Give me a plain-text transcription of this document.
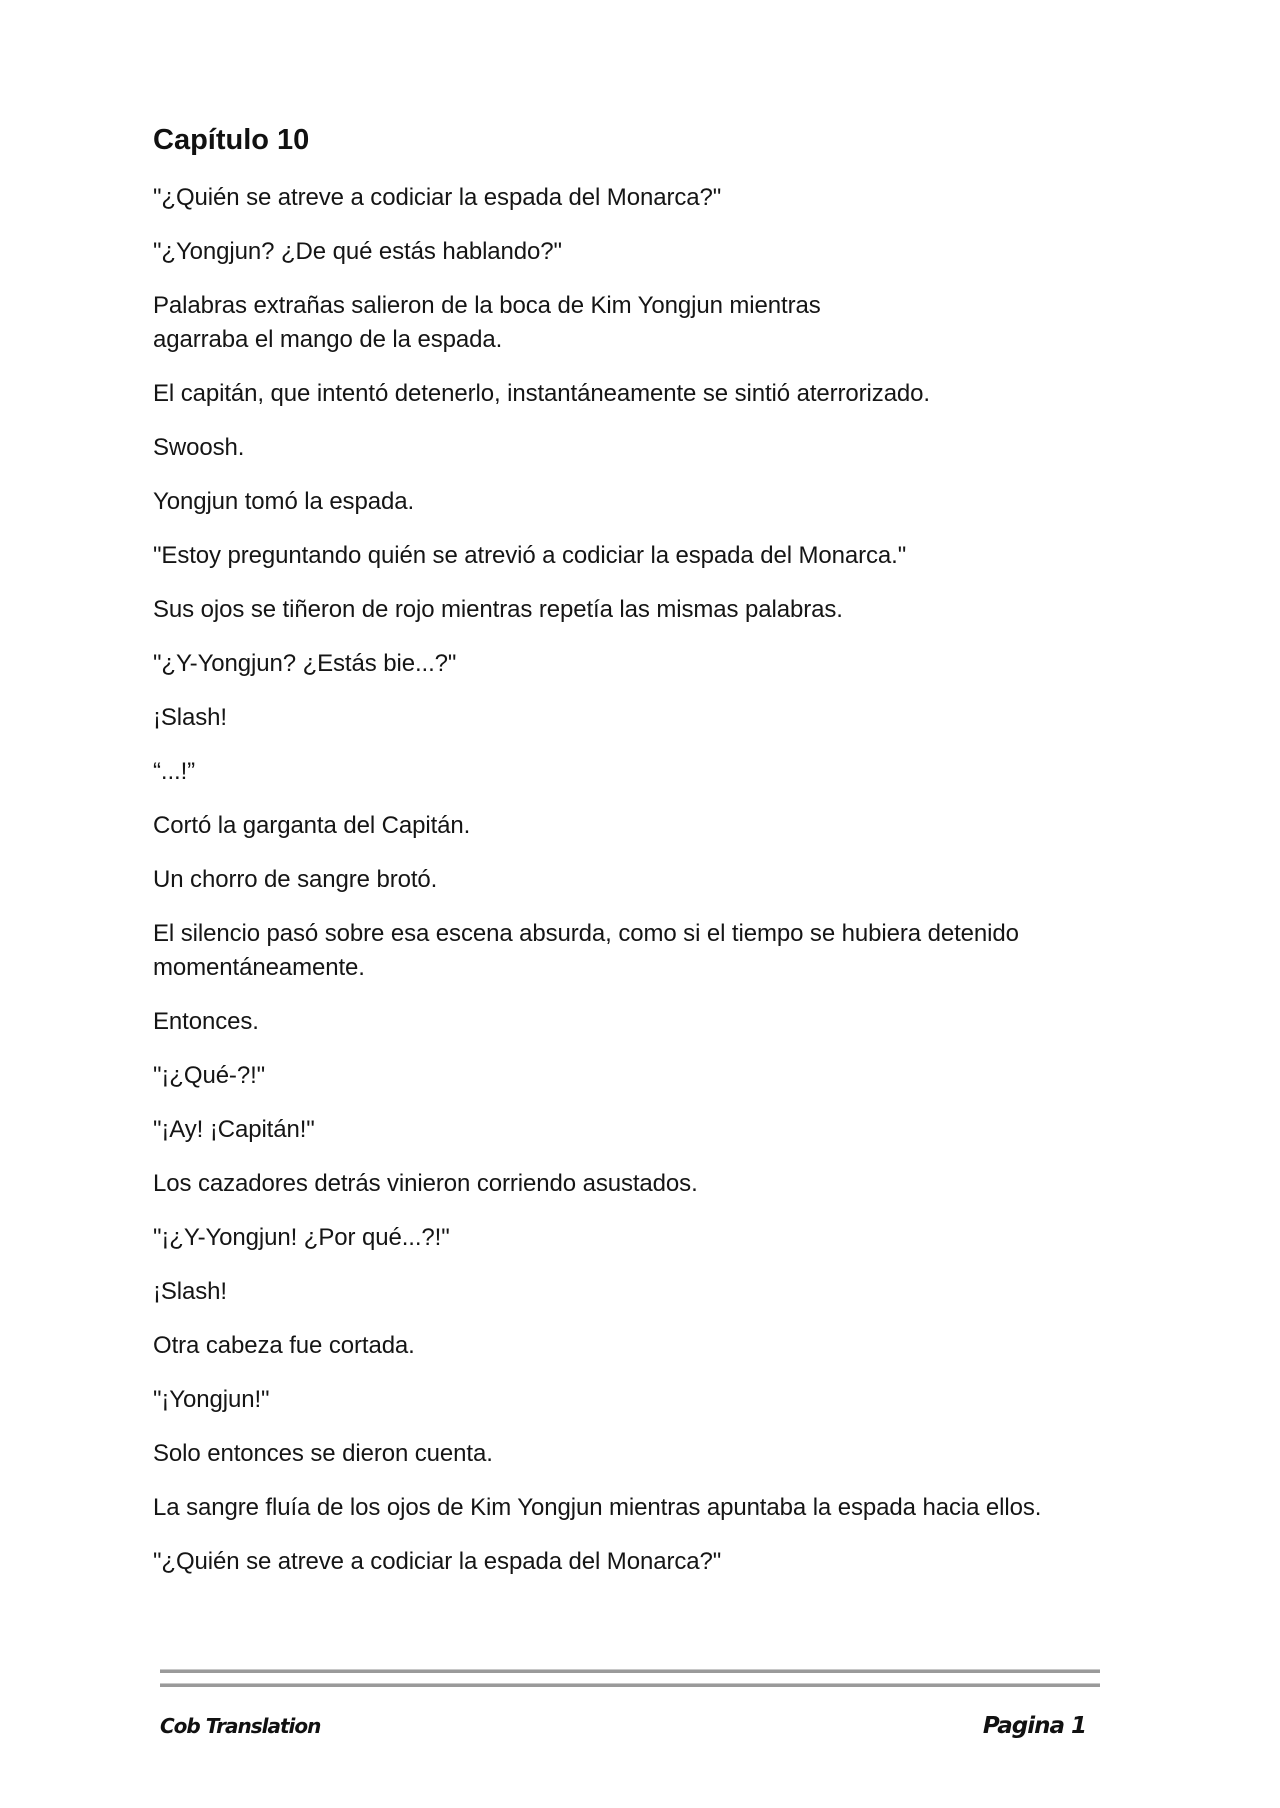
Capítulo 10

"¿Quién se atreve a codiciar la espada del Monarca?"

"¿Yongjun? ¿De qué estás hablando?"

Palabras extrañas salieron de la boca de Kim Yongjun mientras agarraba el mango de la espada.

El capitán, que intentó detenerlo, instantáneamente se sintió aterrorizado.

Swoosh.

Yongjun tomó la espada.

"Estoy preguntando quién se atrevió a codiciar la espada del Monarca."

Sus ojos se tiñeron de rojo mientras repetía las mismas palabras.

"¿Y-Yongjun? ¿Estás bie...?"

¡Slash!

“...!”

Cortó la garganta del Capitán.

Un chorro de sangre brotó.

El silencio pasó sobre esa escena absurda, como si el tiempo se hubiera detenido momentáneamente.

Entonces.

"¡¿Qué-?!"

"¡Ay! ¡Capitán!"

Los cazadores detrás vinieron corriendo asustados.

"¡¿Y-Yongjun! ¿Por qué...?!"

¡Slash!

Otra cabeza fue cortada.

"¡Yongjun!"

Solo entonces se dieron cuenta.

La sangre fluía de los ojos de Kim Yongjun mientras apuntaba la espada hacia ellos.

"¿Quién se atreve a codiciar la espada del Monarca?"

Cob Translation	Pagina 1
